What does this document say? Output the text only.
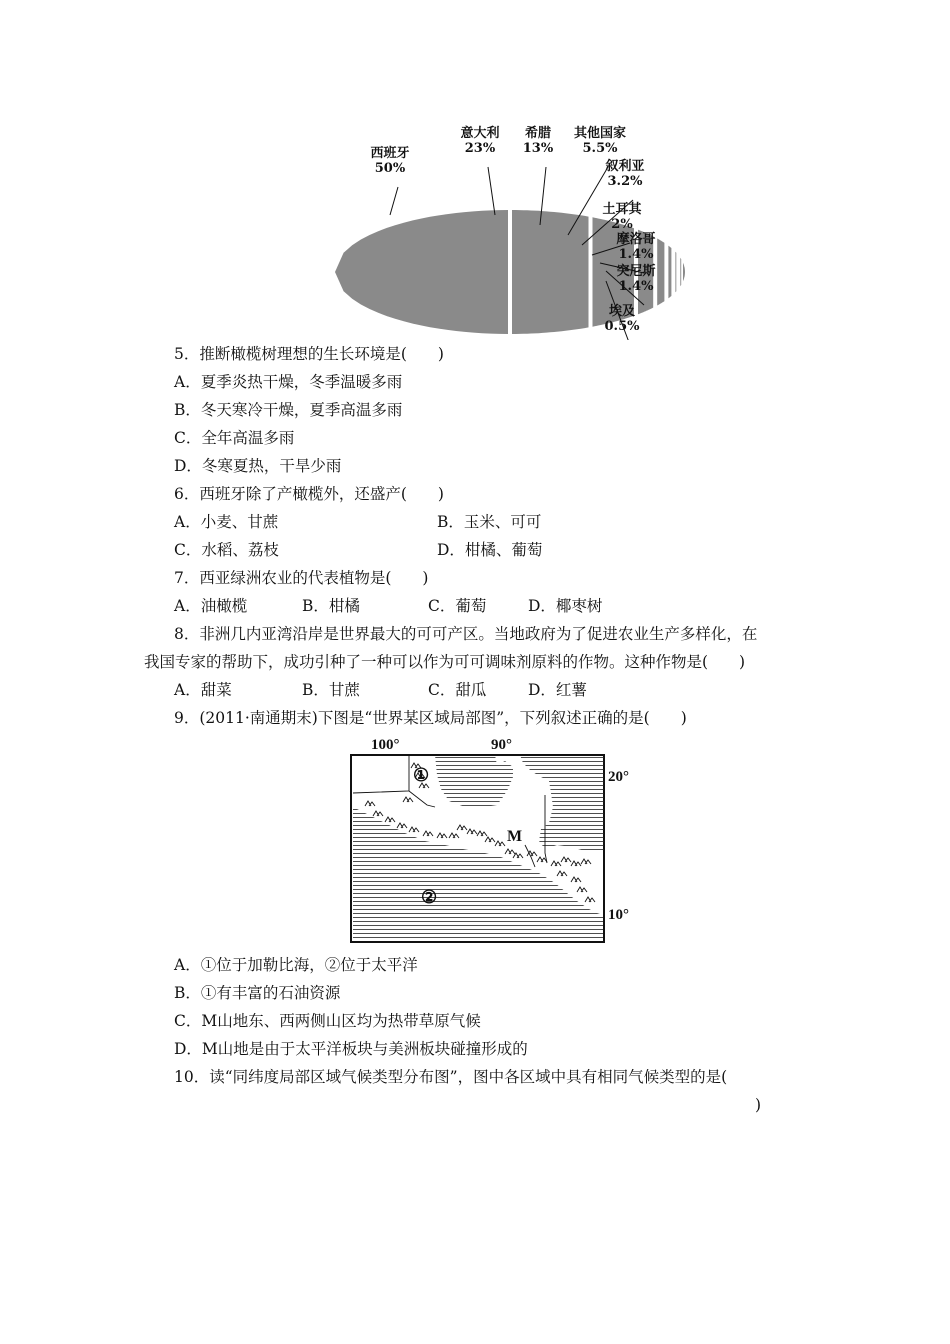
西班牙
50%
意大利
23%
希腊
13%
其他国家
5.5%
叙利亚
3.2%
土耳其
2%
摩洛哥
1.4%
突尼斯
1.4%
埃及
0.5%
5．推断橄榄树理想的生长环境是(　　)
A．夏季炎热干燥，冬季温暖多雨
B．冬天寒冷干燥，夏季高温多雨
C．全年高温多雨
D．冬寒夏热，干旱少雨
6．西班牙除了产橄榄外，还盛产(　　)
A．小麦、甘蔗	B．玉米、可可
C．水稻、荔枝	D．柑橘、葡萄
7．西亚绿洲农业的代表植物是(　　)
A．油橄榄	B．柑橘	C．葡萄	D．椰枣树
8．非洲几内亚湾沿岸是世界最大的可可产区。当地政府为了促进农业生产多样化，在
我国专家的帮助下，成功引种了一种可以作为可可调味剂原料的作物。这种作物是(　　)
A．甜菜	B．甘蔗	C．甜瓜	D．红薯
9．(2011·南通期末)下图是“世界某区域局部图”，下列叙述正确的是(　　)
100°	90°
20°
10°
①
②
M
A．①位于加勒比海，②位于太平洋
B．①有丰富的石油资源
C．M山地东、西两侧山区均为热带草原气候
D．M山地是由于太平洋板块与美洲板块碰撞形成的
10．读“同纬度局部区域气候类型分布图”，图中各区域中具有相同气候类型的是(
)
